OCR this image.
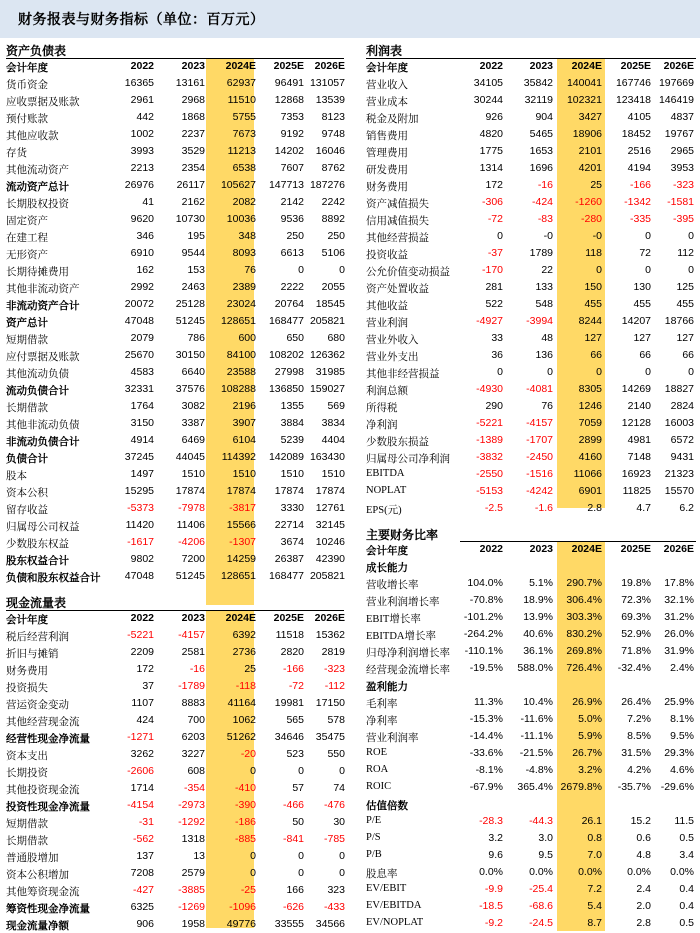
财务报表与财务指标（单位：百万元）
资产负债表	利润表
主要财务比率
现金流量表
会计年度	2022	2023 2024E 2025E 2026E
货币资金	16365 13161 62937 96491 131057
应收票据及账款	2961	2968 11510 12868 13539
预付账款	442	1868	5755 7353 8123
其他应收款	1002	2237	7673 9192 9748
存货	3993	3529 11213 14202 16046
其他流动资产	2213	2354	6538 7607 8762
流动资产总计	26976 26117 105627 147713 187276
长期股权投资	41	2162	2082 2142 2242
固定资产	9620 10730 10036 9536 8892
在建工程	346	195	348	250 250
无形资产	6910	9544	8093 6613 5106
长期待摊费用	162	153	76	0	0
其他非流动资产	2992	2463	2389 2222 2055
非流动资产合计	20072 25128 23024 20764 18545
资产总计	47048 51245 128651 168477 205821
短期借款	2079	786	600	650 680
应付票据及账款	25670 30150 84100 108202 126362
其他流动负债	4583	6640 23588 27998 31985
流动负债合计	32331 37576 108288 136850 159027
长期借款	1764	3082	2196 1355 569
其他非流动负债	3150	3387	3907 3884 3834
非流动负债合计	4914	6469	6104 5239 4404
负债合计	37245 44045 114392 142089 163430
股本	1497	1510	1510 1510 1510
资本公积	15295 17874 17874 17874 17874
留存收益	-5373 -7978 -3817 3330 12761
归属母公司权益	11420 11406 15566 22714 32145
少数股东权益	-1617 -4206 -1307 3674 10246
股东权益合计	9802	7200 14259 26387 42390
负债和股东权益合计 47048 51245 128651 168477 205821
会计年度	2022	2023 2024E 2025E 2026E
营业收入	34105 35842 140041 167746 197669
营业成本	30244 32119 102321 123418 146419
税金及附加	926	904 3427 4105 4837
销售费用	4820	5465 18906 18452 19767
管理费用	1775	1653 2101 2516 2965
研发费用	1314	1696 4201 4194 3953
财务费用	172	-16	25	-166 -323
资产减值损失	-306	-424 -1260 -1342 -1581
信用减值损失	-72	-83	-280	-335 -395
其他经营损益	0	-0	-0	0	0
投资收益	-37	1789	118	72	112
公允价值变动损益	-170	22	0	0	0
资产处置收益	281	133	150	130 125
其他收益	522	548	455	455 455
营业利润	-4927 -3994 8244 14207 18766
营业外收入	33	48	127	127 127
营业外支出	36	136	66	66	66
其他非经营损益	0	0	0	0	0
利润总额	-4930 -4081 8305 14269 18827
所得税	290	76 1246 2140 2824
净利润	-5221 -4157 7059 12128 16003
少数股东损益	-1389 -1707 2899 4981 6572
归属母公司净利润 -3832 -2450 4160 7148 9431
EBITDA	-2550 -1516 11066 16923 21323
NOPLAT	-5153 -4242 6901 11825 15570
EPS(元)	-2.5	-1.6	2.8	4.7	6.2
会计年度	2022	2023 2024E 2025E 2026E
成长能力
营收增长率	104.0% 5.1% 290.7% 19.8% 17.8%
营业利润增长率	-70.8% 18.9% 306.4% 72.3% 32.1%
EBIT增长率	-101.2% 13.9% 303.3% 69.3% 31.2%
EBITDA增长率	-264.2% 40.6% 830.2% 52.9% 26.0%
归母净利润增长率 -110.1% 36.1% 269.8% 71.8% 31.9%
经营现金流增长率 -19.5% 588.0% 726.4% -32.4% 2.4%
盈利能力
毛利率	11.3% 10.4% 26.9% 26.4% 25.9%
净利率	-15.3% -11.6% 5.0% 7.2% 8.1%
营业利润率	-14.4% -11.1% 5.9% 8.5% 9.5%
ROE	-33.6% -21.5% 26.7% 31.5% 29.3%
ROA	-8.1% -4.8% 3.2% 4.2% 4.6%
ROIC	-67.9% 365.4% 2679.8% -35.7% -29.6%
估值倍数
P/E	-28.3 -44.3	26.1	15.2 11.5
P/S	3.2	3.0	0.8	0.6	0.5
P/B	9.6	9.5	7.0	4.8	3.4
股息率	0.0% 0.0% 0.0% 0.0% 0.0%
EV/EBIT	-9.9 -25.4	7.2	2.4	0.4
EV/EBITDA	-18.5 -68.6	5.4	2.0	0.4
EV/NOPLAT	-9.2 -24.5	8.7	2.8	0.5
会计年度	2022	2023 2024E 2025E 2026E
税后经营利润	-5221 -4157	6392 11518 15362
折旧与摊销	2209	2581	2736 2820 2819
财务费用	172	-16	25	-166 -323
投资损失	37 -1789	-118	-72 -112
营运资金变动	1107	8883 41164 19981 17150
其他经营现金流	424	700	1062	565 578
经营性现金净流量	-1271	6203 51262 34646 35475
资本支出	3262	3227	-20	523 550
长期投资	-2606	608	0	0	0
其他投资现金流	1714	-354	-410	57	74
投资性现金净流量	-4154 -2973	-390	-466 -476
短期借款	-31 -1292	-186	50	30
长期借款	-562	1318	-885	-841 -785
普通股增加	137	13	0	0	0
资本公积增加	7208	2579	0	0	0
其他筹资现金流	-427 -3885	-25	166 323
筹资性现金净流量	6325 -1269 -1096	-626 -433
现金流量净额	906	1958 49776 33555 34566
